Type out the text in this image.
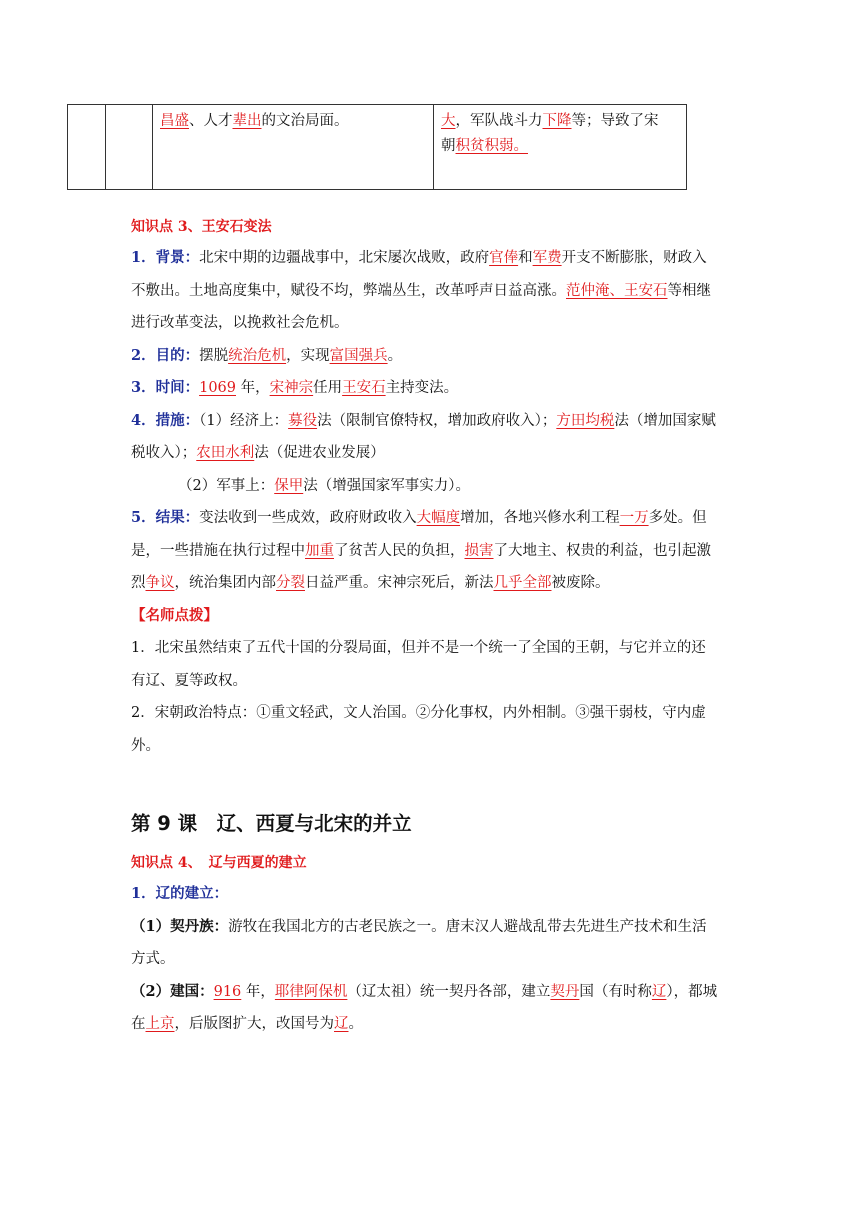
昌盛、人才辈出的文治局面。	大，军队战斗力下降等；导致了宋
朝积贫积弱。
知识点 3、王安石变法
1．背景：北宋中期的边疆战事中，北宋屡次战败，政府官俸和军费开支不断膨胀，财政入
不敷出。土地高度集中，赋役不均，弊端丛生，改革呼声日益高涨。范仲淹、王安石等相继
进行改革变法，以挽救社会危机。
2．目的：摆脱统治危机，实现富国强兵。
3．时间：1069 年，宋神宗任用王安石主持变法。
4．措施：（1）经济上：募役法（限制官僚特权，增加政府收入）；方田均税法（增加国家赋
税收入）；农田水利法（促进农业发展）
（2）军事上：保甲法（增强国家军事实力）。
5．结果：变法收到一些成效，政府财政收入大幅度增加，各地兴修水利工程一万多处。但
是，一些措施在执行过程中加重了贫苦人民的负担，损害了大地主、权贵的利益，也引起激
烈争议，统治集团内部分裂日益严重。宋神宗死后，新法几乎全部被废除。
【名师点拨】
1．北宋虽然结束了五代十国的分裂局面，但并不是一个统一了全国的王朝，与它并立的还
有辽、夏等政权。
2．宋朝政治特点：①重文轻武，文人治国。②分化事权，内外相制。③强干弱枝，守内虚
外。
第 9 课　辽、西夏与北宋的并立
知识点 4、　辽与西夏的建立
1．辽的建立：
（1）契丹族：游牧在我国北方的古老民族之一。唐末汉人避战乱带去先进生产技术和生活
方式。
（2）建国：916 年，耶律阿保机（辽太祖）统一契丹各部，建立契丹国（有时称辽），都城
在上京，后版图扩大，改国号为辽。
